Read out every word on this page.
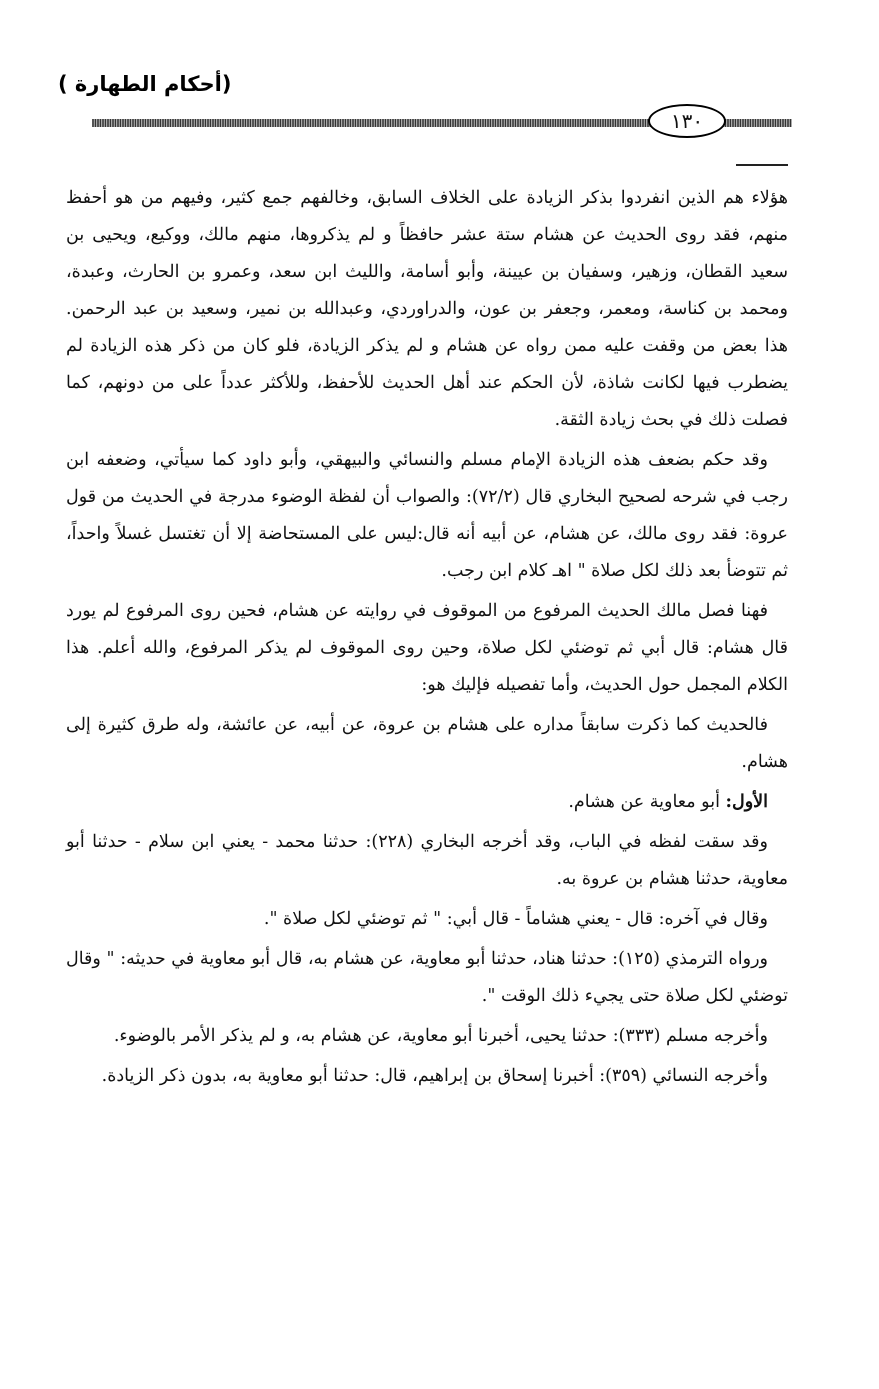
(أحكام الطهارة )
١٣٠

هؤلاء هم الذين انفردوا بذكر الزيادة على الخلاف السابق، وخالفهم جمع كثير، وفيهم من هو أحفظ منهم، فقد روى الحديث عن هشام ستة عشر حافظاً و لم يذكروها، منهم مالك، ووكيع، ويحيى بن سعيد القطان، وزهير، وسفيان بن عيينة، وأبو أسامة، والليث ابن سعد، وعمرو بن الحارث، وعبدة، ومحمد بن كناسة، ومعمر، وجعفر بن عون، والدراوردي، وعبدالله بن نمير، وسعيد بن عبد الرحمن. هذا بعض من وقفت عليه ممن رواه عن هشام و لم يذكر الزيادة، فلو كان من ذكر هذه الزيادة لم يضطرب فيها لكانت شاذة، لأن الحكم عند أهل الحديث للأحفظ، وللأكثر عدداً على من دونهم، كما فصلت ذلك في بحث زيادة الثقة.

وقد حكم بضعف هذه الزيادة الإمام مسلم والنسائي والبيهقي، وأبو داود كما سيأتي، وضعفه ابن رجب في شرحه لصحيح البخاري قال (٧٢/٢): والصواب أن لفظة الوضوء مدرجة في الحديث من قول عروة: فقد روى مالك، عن هشام، عن أبيه أنه قال:ليس على المستحاضة إلا أن تغتسل غسلاً واحداً، ثم تتوضأ بعد ذلك لكل صلاة " اهـ كلام ابن رجب.

فهنا فصل مالك الحديث المرفوع من الموقوف في روايته عن هشام، فحين روى المرفوع لم يورد قال هشام: قال أبي ثم توضئي لكل صلاة، وحين روى الموقوف لم يذكر المرفوع، والله أعلم. هذا الكلام المجمل حول الحديث، وأما تفصيله فإليك هو:

فالحديث كما ذكرت سابقاً مداره على هشام بن عروة، عن أبيه، عن عائشة، وله طرق كثيرة إلى هشام.

الأول: أبو معاوية عن هشام.

وقد سقت لفظه في الباب، وقد أخرجه البخاري (٢٢٨): حدثنا محمد - يعني ابن سلام - حدثنا أبو معاوية، حدثنا هشام بن عروة به.

وقال في آخره: قال - يعني هشاماً - قال أبي: " ثم توضئي لكل صلاة ".

ورواه الترمذي (١٢٥): حدثنا هناد، حدثنا أبو معاوية، عن هشام به، قال أبو معاوية في حديثه: " وقال توضئي لكل صلاة حتى يجيء ذلك الوقت ".

وأخرجه مسلم (٣٣٣): حدثنا يحيى، أخبرنا أبو معاوية، عن هشام به، و لم يذكر الأمر بالوضوء.

وأخرجه النسائي (٣٥٩): أخبرنا إسحاق بن إبراهيم، قال: حدثنا أبو معاوية به، بدون ذكر الزيادة.
